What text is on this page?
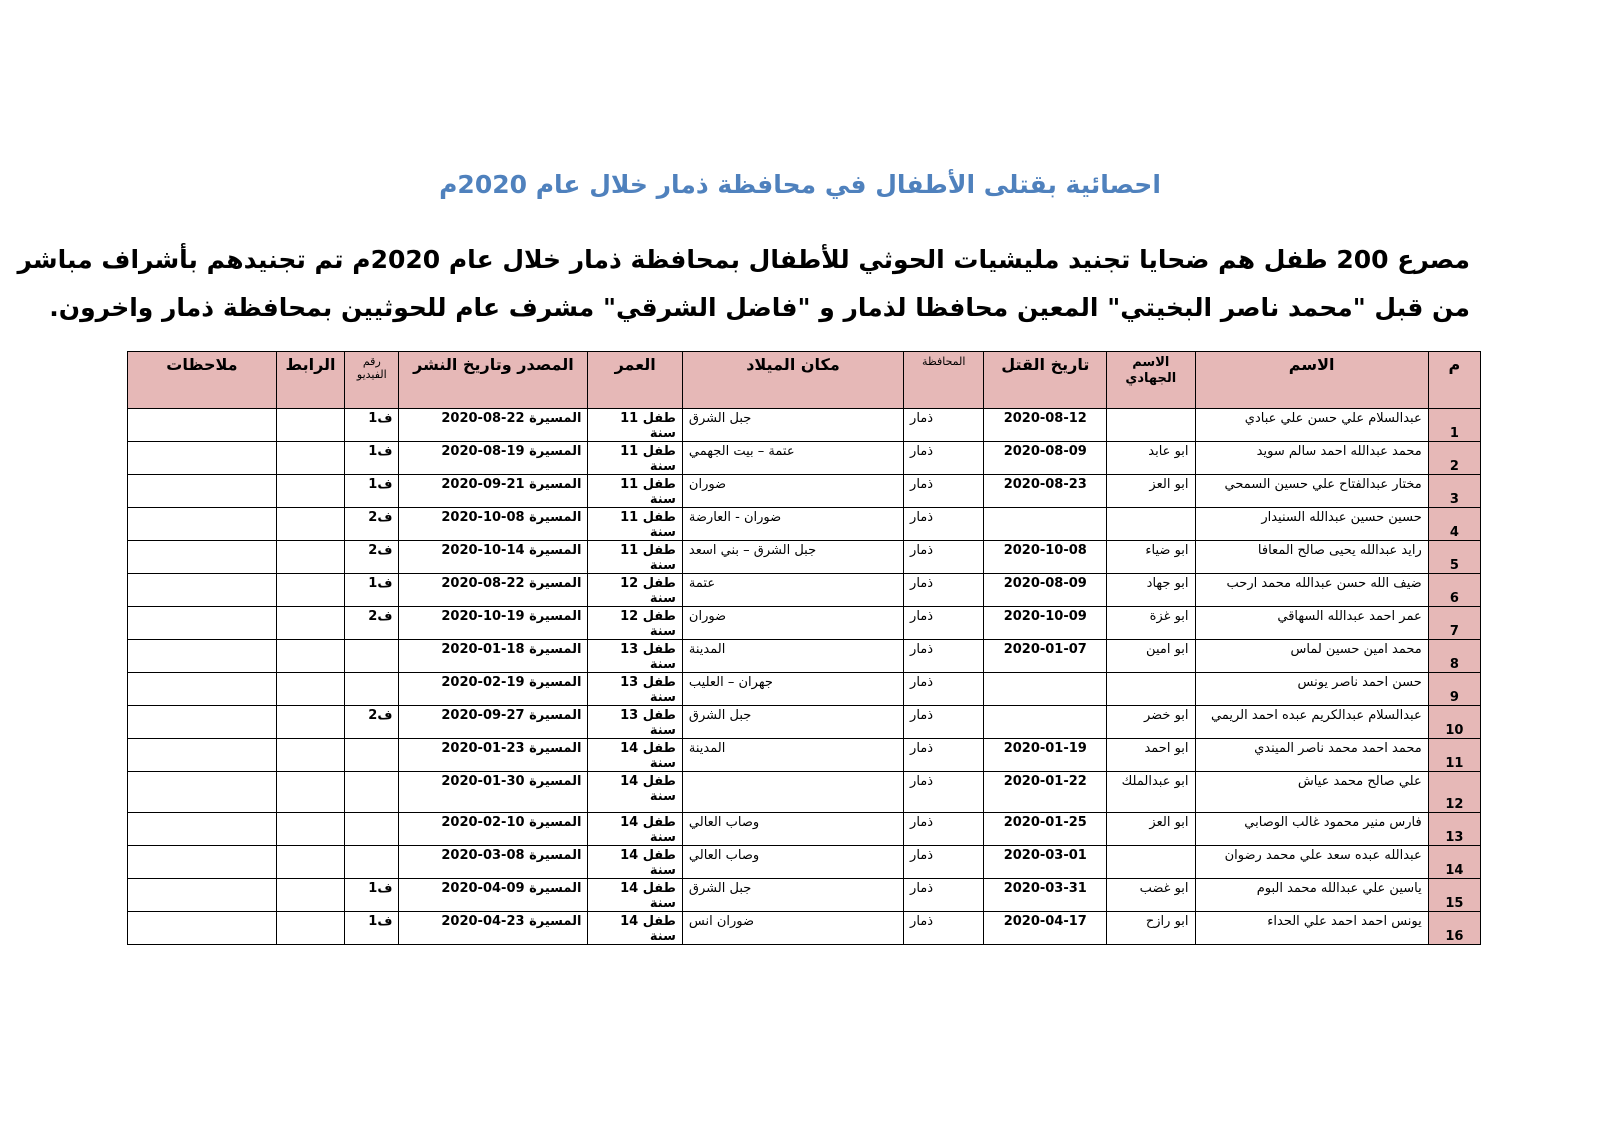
احصائية بقتلى الأطفال في محافظة ذمار خلال عام 2020م
مصرع 200 طفل هم ضحايا تجنيد مليشيات الحوثي للأطفال بمحافظة ذمار خلال عام 2020م تم تجنيدهم بأشراف مباشر
من قبل "محمد ناصر البخيتي" المعين محافظا لذمار و "فاضل الشرقي" مشرف عام للحوثيين بمحافظة ذمار واخرون.
م	الاسم	الاسم الجهادي	تاريخ القتل	المحافظة	مكان الميلاد	العمر	المصدر وتاريخ النشر	رقم الفيديو	الرابط	ملاحظات
1	عبدالسلام علي حسن علي عبادي		2020-08-12	ذمار	جبل الشرق	طفل 11 سنة	المسيرة 22-08-2020	ف1		
2	محمد عبدالله احمد سالم سويد	ابو عابد	2020-08-09	ذمار	عتمة – بيت الجهمي	طفل 11 سنة	المسيرة 19-08-2020	ف1		
3	مختار عبدالفتاح علي حسين السمحي	ابو العز	2020-08-23	ذمار	ضوران	طفل 11 سنة	المسيرة 21-09-2020	ف1		
4	حسين حسين عبدالله السنيدار			ذمار	ضوران - العارضة	طفل 11 سنة	المسيرة 08-10-2020	ف2		
5	رايد عبدالله يحيى صالح المعافا	ابو ضياء	2020-10-08	ذمار	جبل الشرق – بني اسعد	طفل 11 سنة	المسيرة 14-10-2020	ف2		
6	ضيف الله حسن عبدالله محمد ارحب	ابو جهاد	2020-08-09	ذمار	عتمة	طفل 12 سنة	المسيرة 22-08-2020	ف1		
7	عمر احمد عبدالله السهاقي	ابو غزة	2020-10-09	ذمار	ضوران	طفل 12 سنة	المسيرة 19-10-2020	ف2		
8	محمد امين حسين لماس	ابو امين	2020-01-07	ذمار	المدينة	طفل 13 سنة	المسيرة 18-01-2020			
9	حسن احمد ناصر يونس			ذمار	جهران – العليب	طفل 13 سنة	المسيرة 19-02-2020			
10	عبدالسلام عبدالكريم عبده احمد الريمي	ابو خضر		ذمار	جبل الشرق	طفل 13 سنة	المسيرة 27-09-2020	ف2		
11	محمد احمد محمد ناصر الميندي	ابو احمد	2020-01-19	ذمار	المدينة	طفل 14 سنة	المسيرة 23-01-2020			
12	علي صالح محمد عياش	ابو عبدالملك	2020-01-22	ذمار		طفل 14 سنة	المسيرة 30-01-2020			
13	فارس منير محمود غالب الوصابي	ابو العز	2020-01-25	ذمار	وصاب العالي	طفل 14 سنة	المسيرة 10-02-2020			
14	عبدالله عبده سعد علي محمد رضوان		2020-03-01	ذمار	وصاب العالي	طفل 14 سنة	المسيرة 08-03-2020			
15	ياسين علي عبدالله محمد البوم	ابو غضب	2020-03-31	ذمار	جبل الشرق	طفل 14 سنة	المسيرة 09-04-2020	ف1		
16	يونس احمد احمد علي الحداء	ابو رازح	2020-04-17	ذمار	ضوران انس	طفل 14 سنة	المسيرة 23-04-2020	ف1		
